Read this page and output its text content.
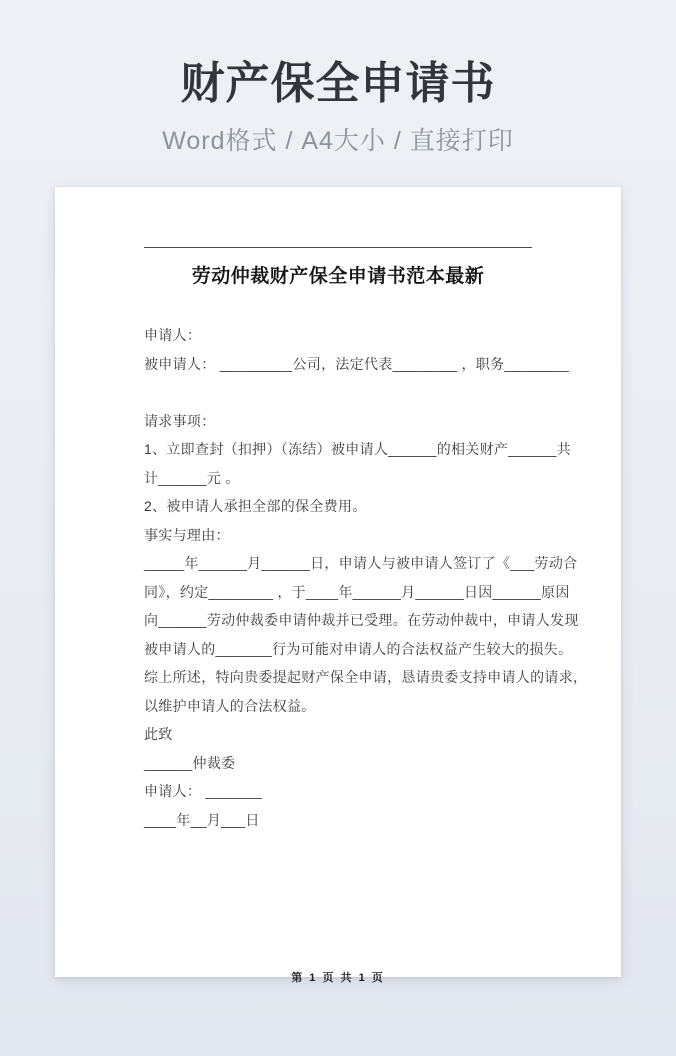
财产保全申请书
Word格式 / A4大小 / 直接打印
劳动仲裁财产保全申请书范本最新
申请人：
被申请人： _________公司，法定代表________ ，职务________
请求事项：
1、立即查封（扣押）（冻结）被申请人______的相关财产______共
计______元 。
2、被申请人承担全部的保全费用。
事实与理由：
_____年______月______日，申请人与被申请人签订了《___劳动合
同》，约定________ ，于____年______月______日因______原因
向______劳动仲裁委申请仲裁并已受理。在劳动仲裁中，申请人发现
被申请人的_______行为可能对申请人的合法权益产生较大的损失。
综上所述，特向贵委提起财产保全申请，恳请贵委支持申请人的请求，
以维护申请人的合法权益。
此致
______仲裁委
申请人： _______
____年__月___日
第 1 页 共 1 页
